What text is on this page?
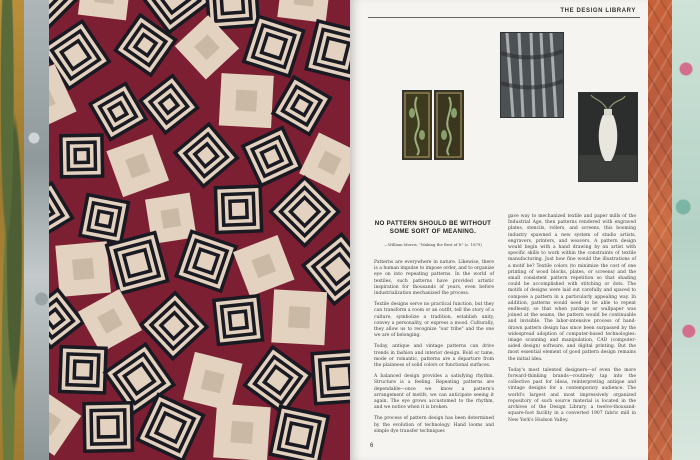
THE DESIGN LIBRARY
NO PATTERN SHOULD BE WITHOUT SOME SORT OF MEANING.
—William Morris, "Making the Best of It" (c. 1879)

Patterns are everywhere in nature. Likewise, there is a human impulse to impose order, and to organize eye on into repeating patterns. In the world of textiles, such patterns have provided artistic inspiration for thousands of years, even before industrialization mechanized the process.

Textile designs serve no practical function, but they can transform a room or an outfit, tell the story of a culture, symbolize a tradition, establish unity, convey a personality, or express a mood. Culturally, they allow us to recognize "our tribe" and the one we are of belonging.

Today, antique and vintage patterns can drive trends in fashion and interior design. Bold or tame, mode or romantic, patterns are a departure from the plainness of solid colors or functional surfaces.

A balanced design provides a satisfying rhythm. Structure is a feeling. Repeating patterns are dependable—once we know a pattern's arrangement of motifs, we can anticipate seeing it again. The eye grows accustomed to the rhythm, and we notice when it is broken.

The process of pattern design has been determined by the evolution of technology. Hand looms and simple dye transfer techniques

gave way to mechanized textile and paper mills of the Industrial Age, then patterns rendered with engraved plates, stencils, rollers, and screens, this booming industry spawned a new system of studio artists, engravers, printers, and weavers. A pattern design would begin with a hand drawing by an artist with specific skills to work within the constraints of textile manufacturing. Just how fine would the illustrations of a motif be? Textile colors (to minimize the cost of one printing of wood blocks, plates, or screens) and the small consistent pattern repetition so that shading could be accomplished with stitching or dots. The motifs of designs were laid out carefully and spaced to compose a pattern in a particularly appealing way. In addition, patterns would need to be able to repeat endlessly, so that when yardage or wallpaper was joined at the seams, the pattern would be continuable and invisible. The labor-intensive process of hand-drawn pattern design has since been surpassed by the widespread adoption of computer-based technologies: image scanning and manipulation, CAD (computer-aided design) software, and digital printing. But the most essential element of good pattern design remains the initial idea.

Today's most talented designers—of even the more forward-thinking brands—routinely tap into the collective past for ideas, reinterpreting antique and vintage designs for a contemporary audience. The world's largest and most impressively organized repository of such source material is located in the archives of the Design Library, a twelve-thousand-square-foot facility in a converted 1907 fabric mill in New York's Hudson Valley.

6
